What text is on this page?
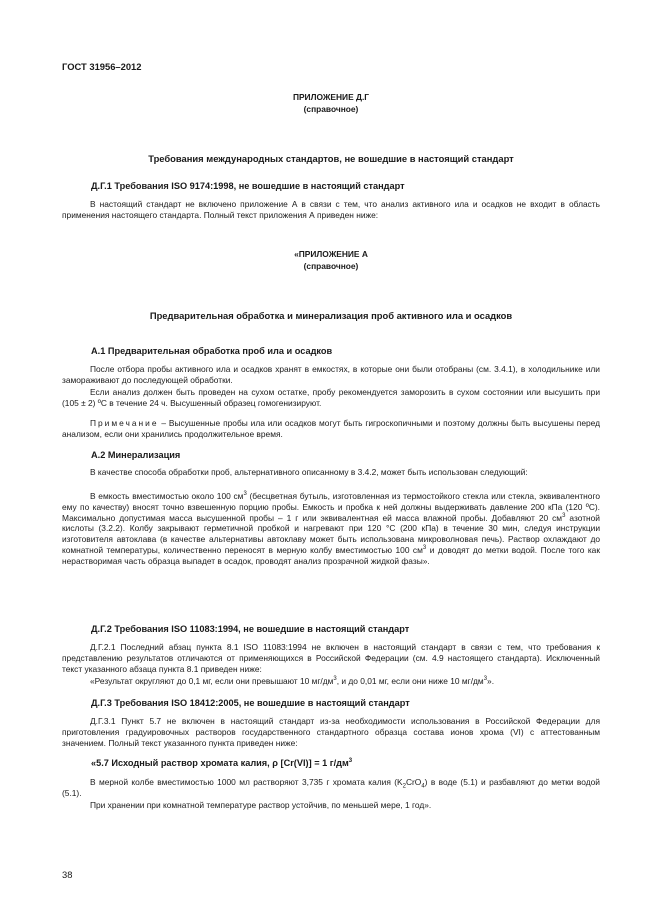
ГОСТ 31956–2012
ПРИЛОЖЕНИЕ Д.Г
(справочное)
Требования международных стандартов, не вошедшие в настоящий стандарт
Д.Г.1 Требования ISO 9174:1998, не вошедшие в настоящий стандарт

В настоящий стандарт не включено приложение А в связи с тем, что анализ активного ила и осадков не входит в область применения настоящего стандарта. Полный текст приложения А приведен ниже:

«ПРИЛОЖЕНИЕ А
(справочное)
Предварительная обработка и минерализация проб активного ила и осадков
А.1 Предварительная обработка проб ила и осадков

После отбора пробы активного ила и осадков хранят в емкостях, в которые они были отобраны (см. 3.4.1), в холодильнике или замораживают до последующей обработки.

Если анализ должен быть проведен на сухом остатке, пробу рекомендуется заморозить в сухом состоянии или высушить при (105 ± 2) ºС в течение 24 ч. Высушенный образец гомогенизируют.

Примечание – Высушенные пробы ила или осадков могут быть гигроскопичными и поэтому должны быть высушены перед анализом, если они хранились продолжительное время.

А.2 Минерализация

В качестве способа обработки проб, альтернативного описанному в 3.4.2, может быть использован следующий:

В емкость вместимостью около 100 $см^3$ (бесцветная бутыль, изготовленная из термостойкого стекла или стекла, эквивалентного ему по качеству) вносят точно взвешенную порцию пробы. Емкость и пробка к ней должны выдерживать давление 200 кПа (120 ºС). Максимально допустимая масса высушенной пробы – 1 г или эквивалентная ей масса влажной пробы. Добавляют 20 $см^3$ азотной кислоты (3.2.2). Колбу закрывают герметичной пробкой и нагревают при 120 °С (200 кПа) в течение 30 мин, следуя инструкции изготовителя автоклава (в качестве альтернативы автоклаву может быть использована микроволновая печь). Раствор охлаждают до комнатной температуры, количественно переносят в мерную колбу вместимостью 100 $см^3$ и доводят до метки водой. После того как нерастворимая часть образца выпадет в осадок, проводят анализ прозрачной жидкой фазы».

Д.Г.2 Требования ISO 11083:1994, не вошедшие в настоящий стандарт

Д.Г.2.1 Последний абзац пункта 8.1 ISO 11083:1994 не включен в настоящий стандарт в связи с тем, что требования к представлению результатов отличаются от применяющихся в Российской Федерации (см. 4.9 настоящего стандарта). Исключенный текст указанного абзаца пункта 8.1 приведен ниже:

«Результат округляют до 0,1 мг, если они превышают 10 $мг/дм^3$, и до 0,01 мг, если они ниже 10 $мг/дм^3$».

Д.Г.3 Требования ISO 18412:2005, не вошедшие в настоящий стандарт

Д.Г.3.1 Пункт 5.7 не включен в настоящий стандарт из-за необходимости использования в Российской Федерации для приготовления градуировочных растворов государственного стандартного образца состава ионов хрома (VI) с аттестованным значением. Полный текст указанного пункта приведен ниже:

«5.7 Исходный раствор хромата калия, ρ [Cr(VI)] = 1 $г/дм^3$

В мерной колбе вместимостью 1000 мл растворяют 3,735 г хромата калия $(K_2CrO_4)$ в воде (5.1) и разбавляют до метки водой (5.1).

При хранении при комнатной температуре раствор устойчив, по меньшей мере, 1 год».

38
